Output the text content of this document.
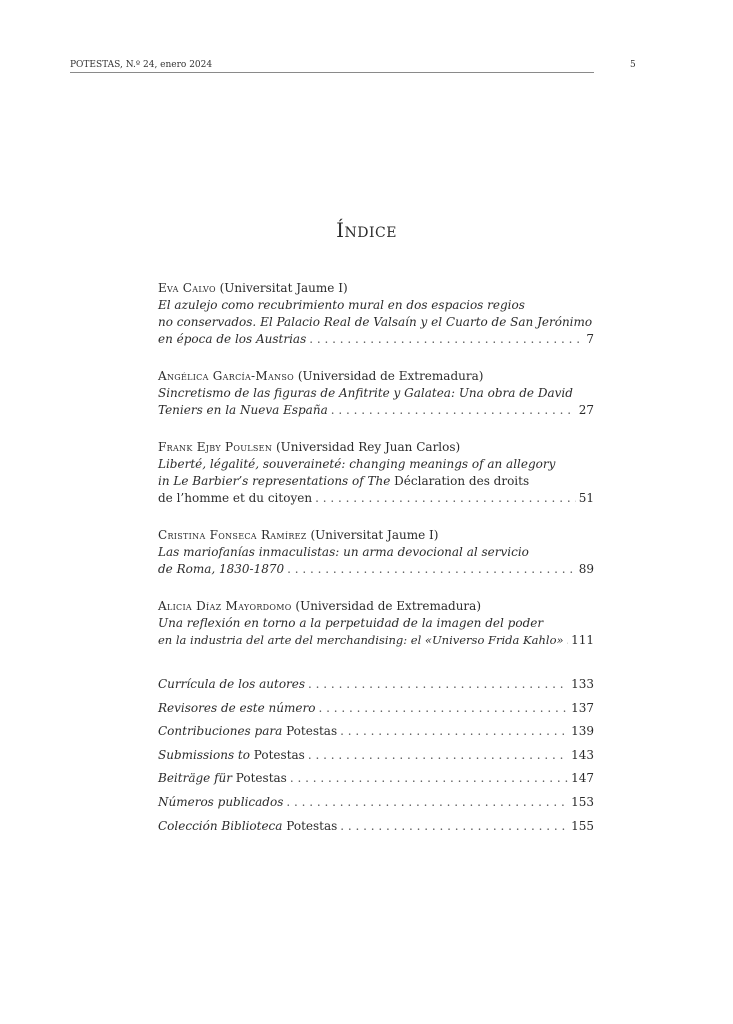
POTESTAS, N.º 24, enero 2024	5
Índice
Eva Calvo (Universitat Jaume I)
El azulejo como recubrimiento mural en dos espacios regios
no conservados. El Palacio Real de Valsaín y el Cuarto de San Jerónimo
en época de los Austrias . . .	7
Angélica García-Manso (Universidad de Extremadura)
Sincretismo de las figuras de Anfitrite y Galatea: Una obra de David
Teniers en la Nueva España . . .	27
Frank Ejby Poulsen (Universidad Rey Juan Carlos)
Liberté, légalité, souveraineté: changing meanings of an allegory
in Le Barbier’s representations of The Déclaration des droits
de l’homme et du citoyen . . .	51
Cristina Fonseca Ramírez (Universitat Jaume I)
Las mariofanías inmaculistas: un arma devocional al servicio
de Roma, 1830-1870 . . .	89
Alicia Díaz Mayordomo (Universidad de Extremadura)
Una reflexión en torno a la perpetuidad de la imagen del poder
en la industria del arte del merchandising: el «Universo Frida Kahlo» . . . 111
Currícula de los autores . . .	133
Revisores de este número . . .	137
Contribuciones para Potestas . . .	139
Submissions to Potestas . . .	143
Beiträge für Potestas . . .	147
Números publicados . . .	153
Colección Biblioteca Potestas . . .	155
